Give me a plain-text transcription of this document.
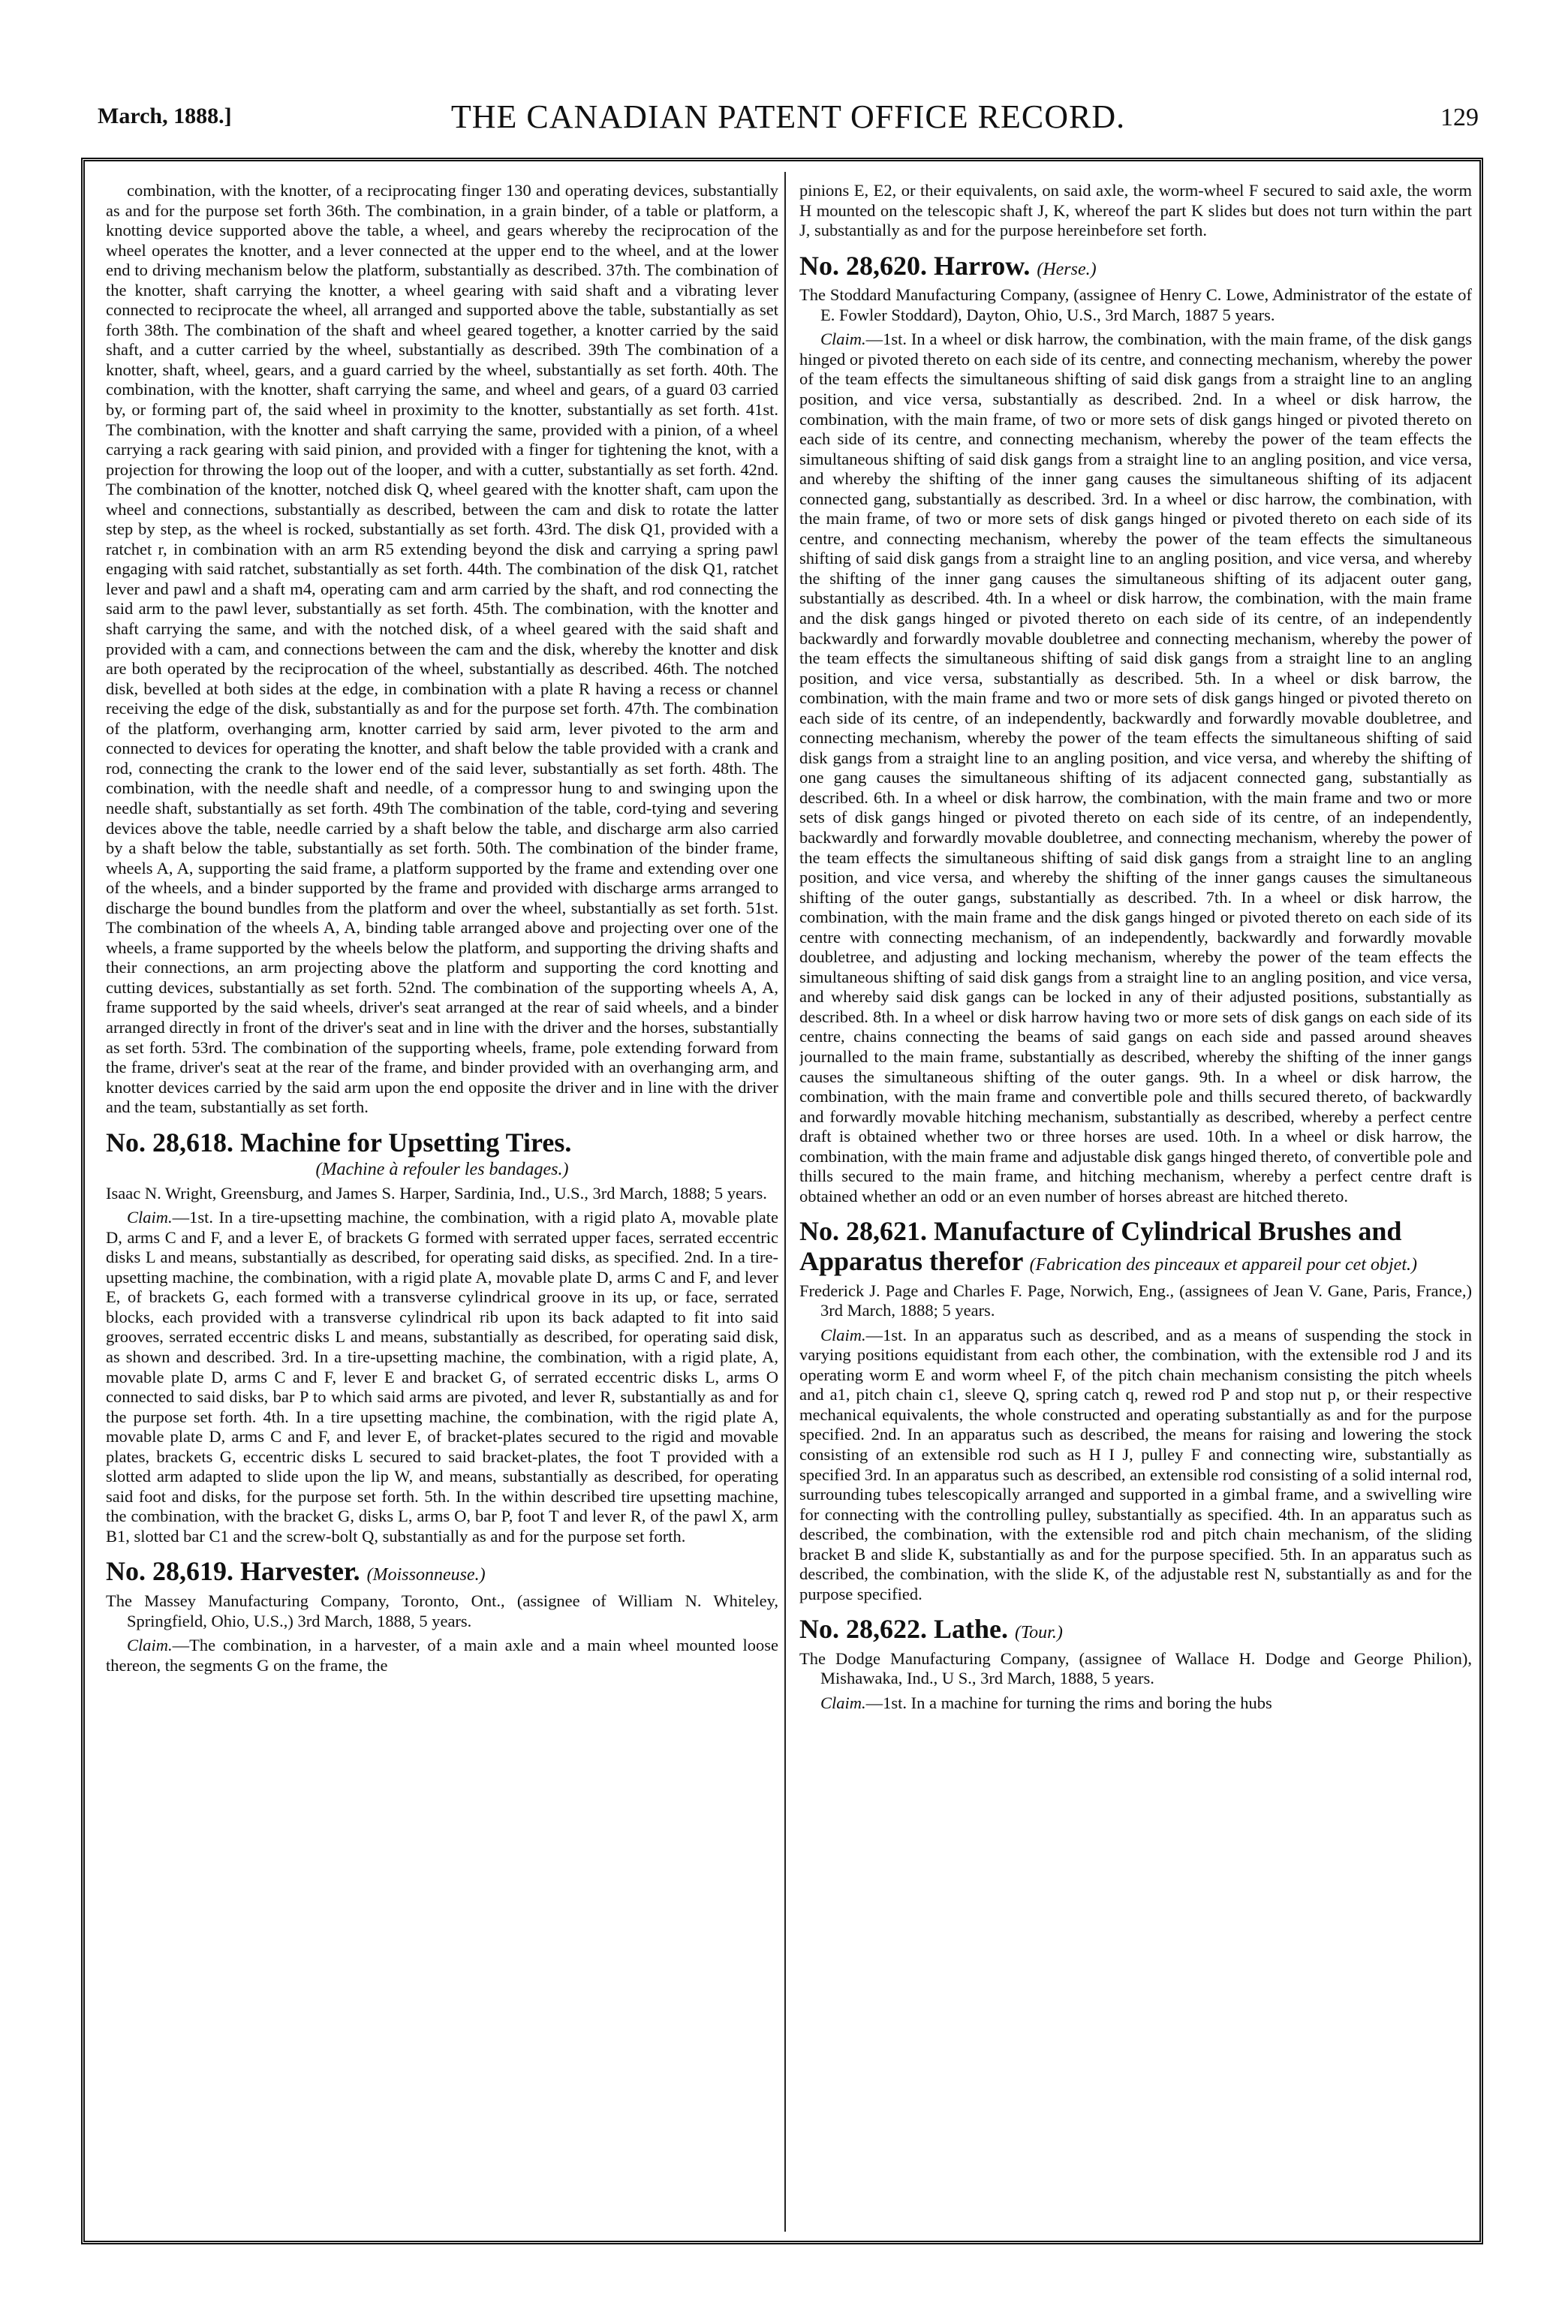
March, 1888.]	THE CANADIAN PATENT OFFICE RECORD.	129

combination, with the knotter, of a reciprocating finger 130 and operating devices, substantially as and for the purpose set forth 36th. The combination, in a grain binder, of a table or platform, a knotting device supported above the table, a wheel, and gears whereby the reciprocation of the wheel operates the knotter, and a lever connected at the upper end to the wheel, and at the lower end to driving mechanism below the platform, substantially as described. 37th. The combination of the knotter, shaft carrying the knotter, a wheel gearing with said shaft and a vibrating lever connected to reciprocate the wheel, all arranged and supported above the table, substantially as set forth 38th. The combination of the shaft and wheel geared together, a knotter carried by the said shaft, and a cutter carried by the wheel, substantially as described. 39th The combination of a knotter, shaft, wheel, gears, and a guard carried by the wheel, substantially as set forth. 40th. The combination, with the knotter, shaft carrying the same, and wheel and gears, of a guard 03 carried by, or forming part of, the said wheel in proximity to the knotter, substantially as set forth. 41st. The combination, with the knotter and shaft carrying the same, provided with a pinion, of a wheel carrying a rack gearing with said pinion, and provided with a finger for tightening the knot, with a projection for throwing the loop out of the looper, and with a cutter, substantially as set forth. 42nd. The combination of the knotter, notched disk Q, wheel geared with the knotter shaft, cam upon the wheel and connections, substantially as described, between the cam and disk to rotate the latter step by step, as the wheel is rocked, substantially as set forth. 43rd. The disk Q1, provided with a ratchet r, in combination with an arm R5 extending beyond the disk and carrying a spring pawl engaging with said ratchet, substantially as set forth. 44th. The combination of the disk Q1, ratchet lever and pawl and a shaft m4, operating cam and arm carried by the shaft, and rod connecting the said arm to the pawl lever, substantially as set forth. 45th. The combination, with the knotter and shaft carrying the same, and with the notched disk, of a wheel geared with the said shaft and provided with a cam, and connections between the cam and the disk, whereby the knotter and disk are both operated by the reciprocation of the wheel, substantially as described. 46th. The notched disk, bevelled at both sides at the edge, in combination with a plate R having a recess or channel receiving the edge of the disk, substantially as and for the purpose set forth. 47th. The combination of the platform, overhanging arm, knotter carried by said arm, lever pivoted to the arm and connected to devices for operating the knotter, and shaft below the table provided with a crank and rod, connecting the crank to the lower end of the said lever, substantially as set forth. 48th. The combination, with the needle shaft and needle, of a compressor hung to and swinging upon the needle shaft, substantially as set forth. 49th The combination of the table, cord-tying and severing devices above the table, needle carried by a shaft below the table, and discharge arm also carried by a shaft below the table, substantially as set forth. 50th. The combination of the binder frame, wheels A, A, supporting the said frame, a platform supported by the frame and extending over one of the wheels, and a binder supported by the frame and provided with discharge arms arranged to discharge the bound bundles from the platform and over the wheel, substantially as set forth. 51st. The combination of the wheels A, A, binding table arranged above and projecting over one of the wheels, a frame supported by the wheels below the platform, and supporting the driving shafts and their connections, an arm projecting above the platform and supporting the cord knotting and cutting devices, substantially as set forth. 52nd. The combination of the supporting wheels A, A, frame supported by the said wheels, driver's seat arranged at the rear of said wheels, and a binder arranged directly in front of the driver's seat and in line with the driver and the horses, substantially as set forth. 53rd. The combination of the supporting wheels, frame, pole extending forward from the frame, driver's seat at the rear of the frame, and binder provided with an overhanging arm, and knotter devices carried by the said arm upon the end opposite the driver and in line with the driver and the team, substantially as set forth.

No. 28,618. Machine for Upsetting Tires.

(Machine à refouler les bandages.)

Isaac N. Wright, Greensburg, and James S. Harper, Sardinia, Ind., U.S., 3rd March, 1888; 5 years.

Claim.—1st. In a tire-upsetting machine, the combination, with a rigid plato A, movable plate D, arms C and F, and a lever E, of brackets G formed with serrated upper faces, serrated eccentric disks L and means, substantially as described, for operating said disks, as specified. 2nd. In a tire-upsetting machine, the combination, with a rigid plate A, movable plate D, arms C and F, and lever E, of brackets G, each formed with a transverse cylindrical groove in its up, or face, serrated blocks, each provided with a transverse cylindrical rib upon its back adapted to fit into said grooves, serrated eccentric disks L and means, substantially as described, for operating said disk, as shown and described. 3rd. In a tire-upsetting machine, the combination, with a rigid plate, A, movable plate D, arms C and F, lever E and bracket G, of serrated eccentric disks L, arms O connected to said disks, bar P to which said arms are pivoted, and lever R, substantially as and for the purpose set forth. 4th. In a tire upsetting machine, the combination, with the rigid plate A, movable plate D, arms C and F, and lever E, of bracket-plates secured to the rigid and movable plates, brackets G, eccentric disks L secured to said bracket-plates, the foot T provided with a slotted arm adapted to slide upon the lip W, and means, substantially as described, for operating said foot and disks, for the purpose set forth. 5th. In the within described tire upsetting machine, the combination, with the bracket G, disks L, arms O, bar P, foot T and lever R, of the pawl X, arm B1, slotted bar C1 and the screw-bolt Q, substantially as and for the purpose set forth.

No. 28,619. Harvester. (Moissonneuse.)

The Massey Manufacturing Company, Toronto, Ont., (assignee of William N. Whiteley, Springfield, Ohio, U.S.,) 3rd March, 1888, 5 years.

Claim.—The combination, in a harvester, of a main axle and a main wheel mounted loose thereon, the segments G on the frame, the

pinions E, E2, or their equivalents, on said axle, the worm-wheel F secured to said axle, the worm H mounted on the telescopic shaft J, K, whereof the part K slides but does not turn within the part J, substantially as and for the purpose hereinbefore set forth.

No. 28,620. Harrow. (Herse.)

The Stoddard Manufacturing Company, (assignee of Henry C. Lowe, Administrator of the estate of E. Fowler Stoddard), Dayton, Ohio, U.S., 3rd March, 1887 5 years.

Claim.—1st. In a wheel or disk harrow, the combination, with the main frame, of the disk gangs hinged or pivoted thereto on each side of its centre, and connecting mechanism, whereby the power of the team effects the simultaneous shifting of said disk gangs from a straight line to an angling position, and vice versa, substantially as described. 2nd. In a wheel or disk harrow, the combination, with the main frame, of two or more sets of disk gangs hinged or pivoted thereto on each side of its centre, and connecting mechanism, whereby the power of the team effects the simultaneous shifting of said disk gangs from a straight line to an angling position, and vice versa, and whereby the shifting of the inner gang causes the simultaneous shifting of its adjacent connected gang, substantially as described. 3rd. In a wheel or disc harrow, the combination, with the main frame, of two or more sets of disk gangs hinged or pivoted thereto on each side of its centre, and connecting mechanism, whereby the power of the team effects the simultaneous shifting of said disk gangs from a straight line to an angling position, and vice versa, and whereby the shifting of the inner gang causes the simultaneous shifting of its adjacent outer gang, substantially as described. 4th. In a wheel or disk harrow, the combination, with the main frame and the disk gangs hinged or pivoted thereto on each side of its centre, of an independently backwardly and forwardly movable doubletree and connecting mechanism, whereby the power of the team effects the simultaneous shifting of said disk gangs from a straight line to an angling position, and vice versa, substantially as described. 5th. In a wheel or disk barrow, the combination, with the main frame and two or more sets of disk gangs hinged or pivoted thereto on each side of its centre, of an independently, backwardly and forwardly movable doubletree, and connecting mechanism, whereby the power of the team effects the simultaneous shifting of said disk gangs from a straight line to an angling position, and vice versa, and whereby the shifting of one gang causes the simultaneous shifting of its adjacent connected gang, substantially as described. 6th. In a wheel or disk harrow, the combination, with the main frame and two or more sets of disk gangs hinged or pivoted thereto on each side of its centre, of an independently, backwardly and forwardly movable doubletree, and connecting mechanism, whereby the power of the team effects the simultaneous shifting of said disk gangs from a straight line to an angling position, and vice versa, and whereby the shifting of the inner gangs causes the simultaneous shifting of the outer gangs, substantially as described. 7th. In a wheel or disk harrow, the combination, with the main frame and the disk gangs hinged or pivoted thereto on each side of its centre with connecting mechanism, of an independently, backwardly and forwardly movable doubletree, and adjusting and locking mechanism, whereby the power of the team effects the simultaneous shifting of said disk gangs from a straight line to an angling position, and vice versa, and whereby said disk gangs can be locked in any of their adjusted positions, substantially as described. 8th. In a wheel or disk harrow having two or more sets of disk gangs on each side of its centre, chains connecting the beams of said gangs on each side and passed around sheaves journalled to the main frame, substantially as described, whereby the shifting of the inner gangs causes the simultaneous shifting of the outer gangs. 9th. In a wheel or disk harrow, the combination, with the main frame and convertible pole and thills secured thereto, of backwardly and forwardly movable hitching mechanism, substantially as described, whereby a perfect centre draft is obtained whether two or three horses are used. 10th. In a wheel or disk harrow, the combination, with the main frame and adjustable disk gangs hinged thereto, of convertible pole and thills secured to the main frame, and hitching mechanism, whereby a perfect centre draft is obtained whether an odd or an even number of horses abreast are hitched thereto.

No. 28,621. Manufacture of Cylindrical Brushes and Apparatus therefor (Fabrication des pinceaux et appareil pour cet objet.)

Frederick J. Page and Charles F. Page, Norwich, Eng., (assignees of Jean V. Gane, Paris, France,) 3rd March, 1888; 5 years.

Claim.—1st. In an apparatus such as described, and as a means of suspending the stock in varying positions equidistant from each other, the combination, with the extensible rod J and its operating worm E and worm wheel F, of the pitch chain mechanism consisting the pitch wheels and a1, pitch chain c1, sleeve Q, spring catch q, rewed rod P and stop nut p, or their respective mechanical equivalents, the whole constructed and operating substantially as and for the purpose specified. 2nd. In an apparatus such as described, the means for raising and lowering the stock consisting of an extensible rod such as H I J, pulley F and connecting wire, substantially as specified 3rd. In an apparatus such as described, an extensible rod consisting of a solid internal rod, surrounding tubes telescopically arranged and supported in a gimbal frame, and a swivelling wire for connecting with the controlling pulley, substantially as specified. 4th. In an apparatus such as described, the combination, with the extensible rod and pitch chain mechanism, of the sliding bracket B and slide K, substantially as and for the purpose specified. 5th. In an apparatus such as described, the combination, with the slide K, of the adjustable rest N, substantially as and for the purpose specified.

No. 28,622. Lathe. (Tour.)

The Dodge Manufacturing Company, (assignee of Wallace H. Dodge and George Philion), Mishawaka, Ind., U S., 3rd March, 1888, 5 years.

Claim.—1st. In a machine for turning the rims and boring the hubs
